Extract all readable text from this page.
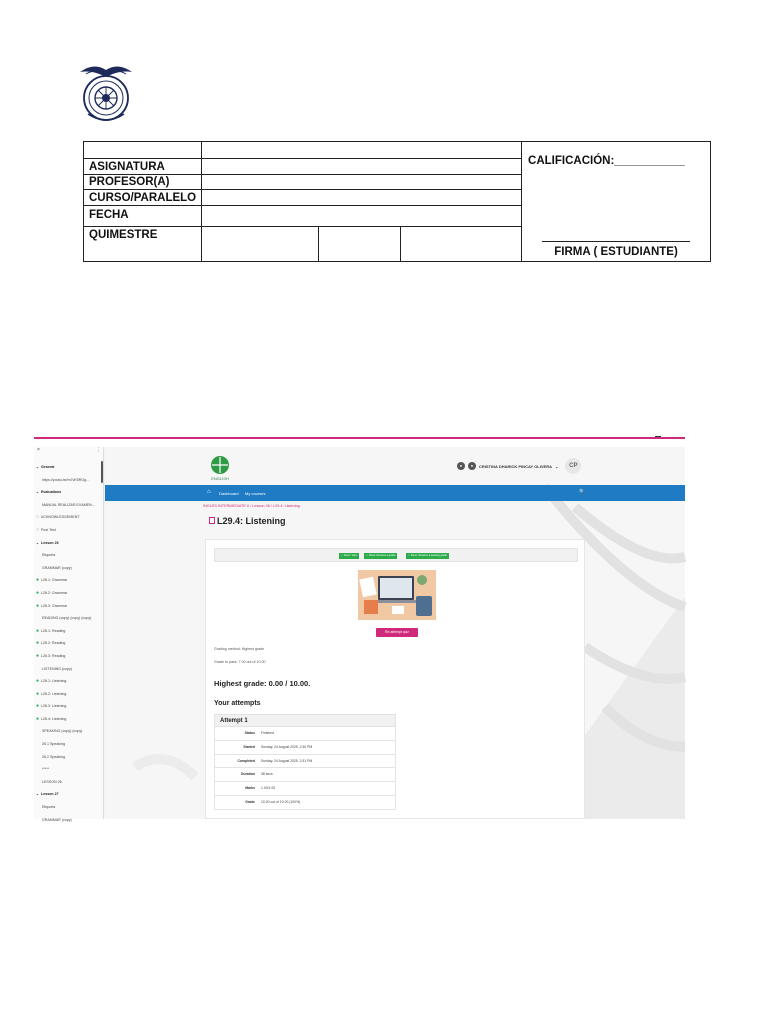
				CALIFICACIÓN:___________
FIRMA ( ESTUDIANTE)

ASIGNATURA				
PROFESOR(A)				
CURSO/PARALELO				
FECHA				
QUIMESTRE				
×	⋮
⌄ General
https://youtu.be/m7vE5RGg...
⌄ Evaluations
MANUAL REALIZAR EXAMEN...
○ ACKNOWLEDGEMENT
○ Post Test
⌄ Lesson 26
Etiqueta
GRAMMAR (copy)
● L26.1: Grammar
● L26.2: Grammar
● L26.3: Grammar
READING (copy) (copy) (copy)
● L26.1: Reading
● L26.2: Reading
● L26.3: Reading
LISTENING (copy)
● L26.1: Listening
● L26.2: Listening
● L26.3: Listening
● L26.4: Listening
SPEAKING (copy) (copy)
26.1 Speaking
26.2 Speaking
*****
LESSON 26
⌄ Lesson 27
Etiqueta
GRAMMAR (copy)
ENGLISH
●	●	CRISTINA DHARICK PINCAY OLIVERA ⌄	CP
⌂ Dashboard My courses	🔍
INGLES INTERMEDIATE II / Lesson 26 / L29.4: Listening
L29.4: Listening
✓ Done: View	✓ Done: Receive a grade	✓ Done: Receive a passing grade
Re-attempt quiz
Grading method: Highest grade
Grade to pass: 7.00 out of 10.00
Highest grade: 0.00 / 10.00.
Your attempts
Attempt 1
Status	Finished
Started	Sunday, 24 August 2025, 2:30 PM
Completed	Sunday, 24 August 2025, 2:31 PM
Duration	38 secs
Marks	1.00/1.00
Grade	10.00 out of 10.00 (100%)
